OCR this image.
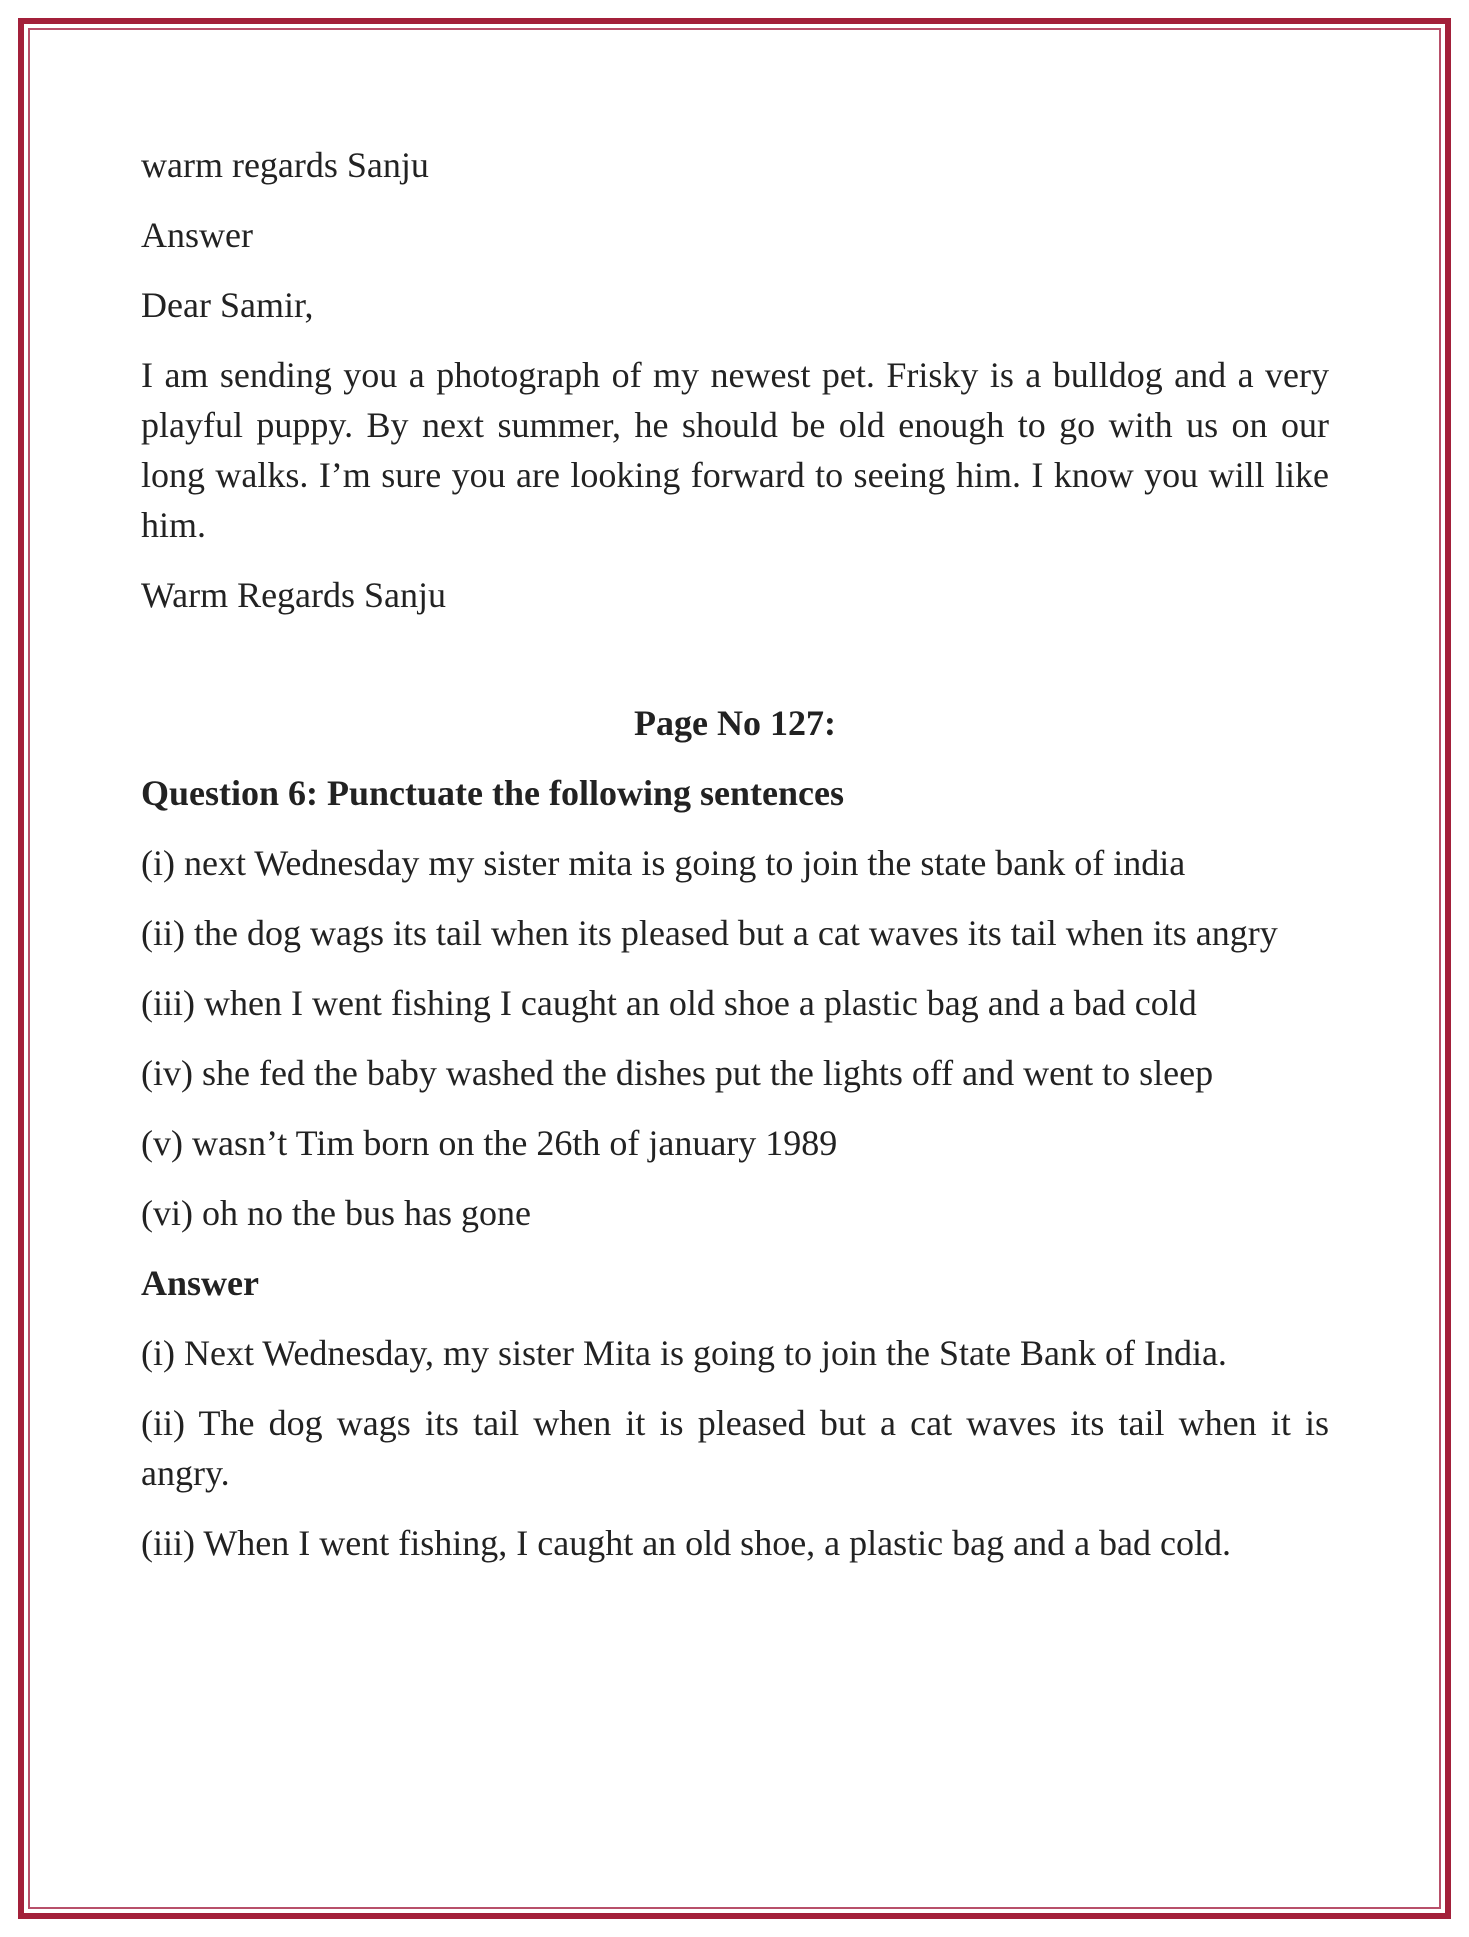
warm regards Sanju

Answer

Dear Samir,

I am sending you a photograph of my newest pet. Frisky is a bulldog and a very playful puppy. By next summer, he should be old enough to go with us on our long walks. I’m sure you are looking forward to seeing him. I know you will like him.

Warm Regards Sanju

Page No 127:

Question 6: Punctuate the following sentences

(i) next Wednesday my sister mita is going to join the state bank of india

(ii) the dog wags its tail when its pleased but a cat waves its tail when its angry

(iii) when I went fishing I caught an old shoe a plastic bag and a bad cold

(iv) she fed the baby washed the dishes put the lights off and went to sleep

(v) wasn’t Tim born on the 26th of january 1989

(vi) oh no the bus has gone

Answer

(i) Next Wednesday, my sister Mita is going to join the State Bank of India.

(ii) The dog wags its tail when it is pleased but a cat waves its tail when it is angry.

(iii) When I went fishing, I caught an old shoe, a plastic bag and a bad cold.
